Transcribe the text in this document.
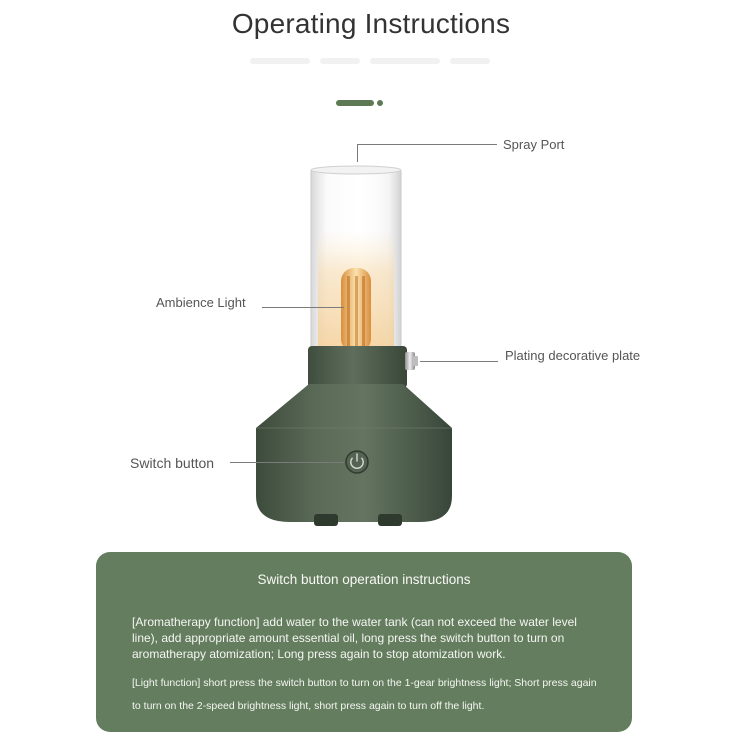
Operating Instructions
Spray Port
Ambience Light
Plating decorative plate
Switch button
Switch button operation instructions
[Aromatherapy function] add water to the water tank (can not exceed the water level line), add appropriate amount essential oil, long press the switch button to turn on aromatherapy atomization; Long press again to stop atomization work.
[Light function] short press the switch button to turn on the 1-gear brightness light; Short press again to turn on the 2-speed brightness light, short press again to turn off the light.
